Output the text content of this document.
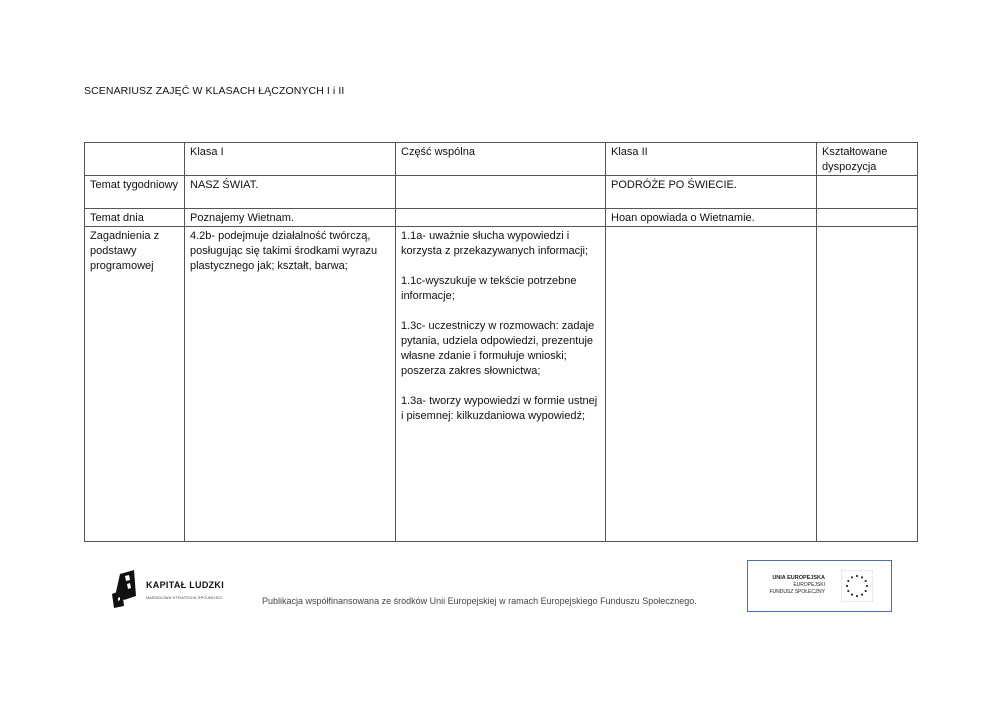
SCENARIUSZ ZAJĘĆ W KLASACH ŁĄCZONYCH I i II
	Klasa I	Część wspólna	Klasa II	Kształtowane dyspozycja
Temat tygodniowy	NASZ ŚWIAT.		PODRÓŻE PO ŚWIECIE.	
Temat dnia	Poznajemy Wietnam.		Hoan opowiada o Wietnamie.	
Zagadnienia z podstawy programowej	4.2b- podejmuje działalność twórczą, posługując się takimi środkami wyrazu plastycznego jak; kształt, barwa;	1.1a- uważnie słucha wypowiedzi i korzysta z przekazywanych informacji;
1.1c-wyszukuje w tekście potrzebne informacje;
1.3c- uczestniczy w rozmowach: zadaje pytania, udziela odpowiedzi, prezentuje własne zdanie i formułuje wnioski; poszerza zakres słownictwa;
1.3a- tworzy wypowiedzi w formie ustnej i pisemnej: kilkuzdaniowa wypowiedź;		

KAPITAŁ LUDZKI
NARODOWA STRATEGIA SPÓJNOŚCI	Publikacja współfinansowana ze środków Unii Europejskiej w ramach Europejskiego Funduszu Społecznego.
UNIA EUROPEJSKA
EUROPEJSKI
FUNDUSZ SPOŁECZNY
